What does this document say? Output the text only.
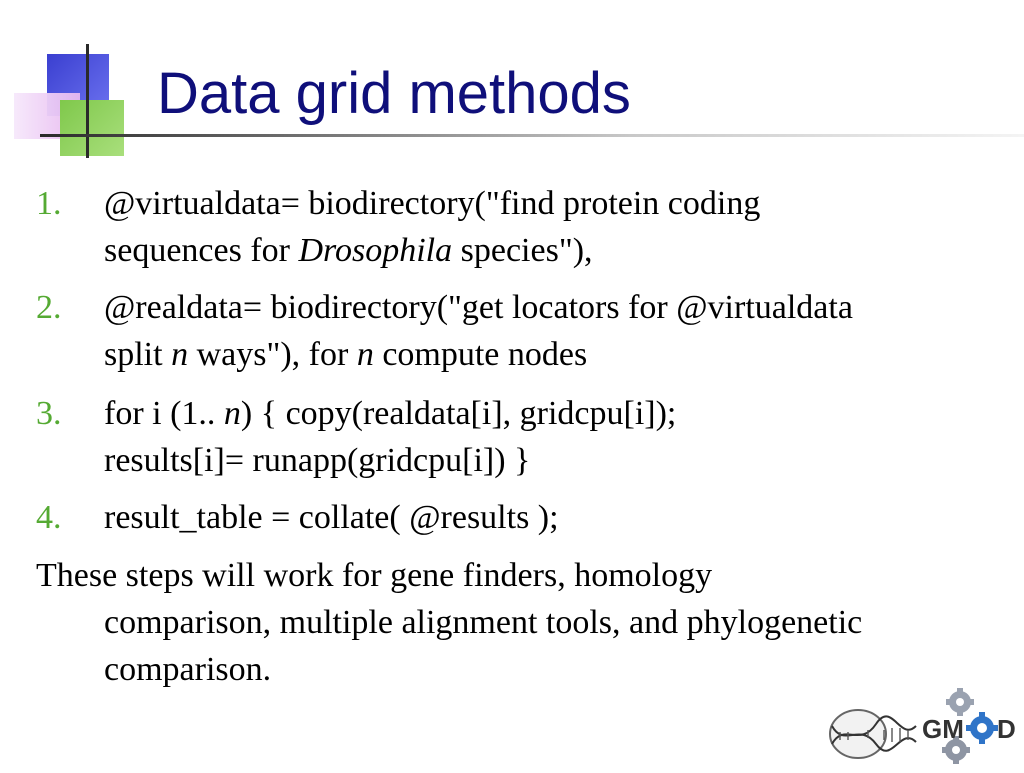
Data grid methods
1. @virtualdata= biodirectory("find protein coding
sequences for Drosophila species"),
2. @realdata= biodirectory("get locators for @virtualdata
split n ways"), for n compute nodes
3. for i (1.. n) { copy(realdata[i], gridcpu[i]);
results[i]= runapp(gridcpu[i]) }
4. result_table = collate( @results );
These steps will work for gene finders, homology
comparison, multiple alignment tools, and phylogenetic
comparison.
GM D
